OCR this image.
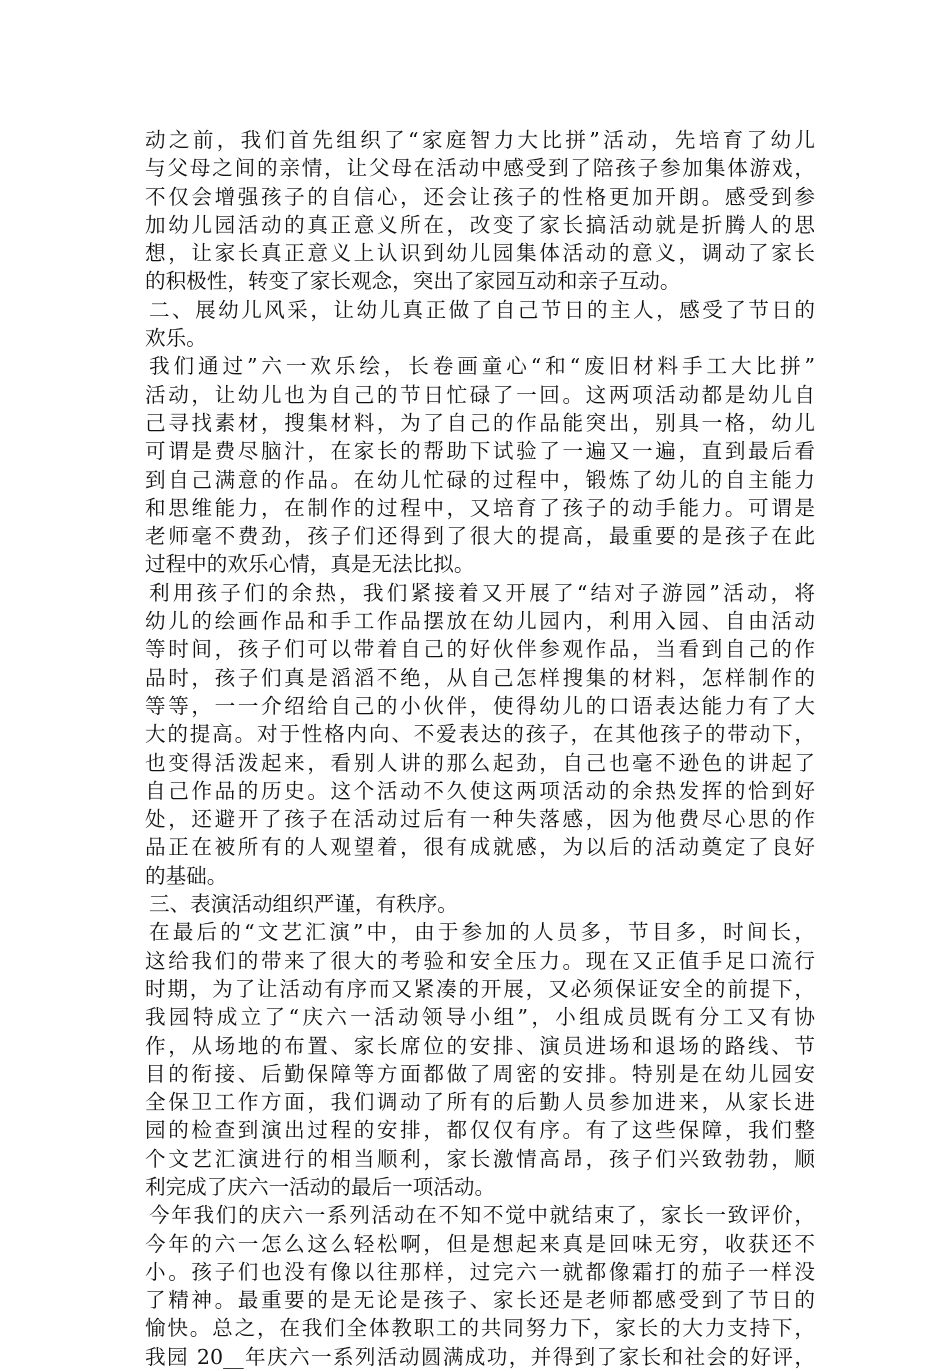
动之前，我们首先组织了“家庭智力大比拼”活动，先培育了幼儿
与父母之间的亲情，让父母在活动中感受到了陪孩子参加集体游戏，
不仅会增强孩子的自信心，还会让孩子的性格更加开朗。感受到参
加幼儿园活动的真正意义所在，改变了家长搞活动就是折腾人的思
想，让家长真正意义上认识到幼儿园集体活动的意义，调动了家长
的积极性，转变了家长观念，突出了家园互动和亲子互动。
二、展幼儿风采，让幼儿真正做了自己节日的主人，感受了节日的
欢乐。
我们通过”六一欢乐绘，长卷画童心“和“废旧材料手工大比拼”
活动，让幼儿也为自己的节日忙碌了一回。这两项活动都是幼儿自
己寻找素材，搜集材料，为了自己的作品能突出，别具一格，幼儿
可谓是费尽脑汁，在家长的帮助下试验了一遍又一遍，直到最后看
到自己满意的作品。在幼儿忙碌的过程中，锻炼了幼儿的自主能力
和思维能力，在制作的过程中，又培育了孩子的动手能力。可谓是
老师毫不费劲，孩子们还得到了很大的提高，最重要的是孩子在此
过程中的欢乐心情，真是无法比拟。
利用孩子们的余热，我们紧接着又开展了“结对子游园”活动，将
幼儿的绘画作品和手工作品摆放在幼儿园内，利用入园、自由活动
等时间，孩子们可以带着自己的好伙伴参观作品，当看到自己的作
品时，孩子们真是滔滔不绝，从自己怎样搜集的材料，怎样制作的
等等，一一介绍给自己的小伙伴，使得幼儿的口语表达能力有了大
大的提高。对于性格内向、不爱表达的孩子，在其他孩子的带动下，
也变得活泼起来，看别人讲的那么起劲，自己也毫不逊色的讲起了
自己作品的历史。这个活动不久使这两项活动的余热发挥的恰到好
处，还避开了孩子在活动过后有一种失落感，因为他费尽心思的作
品正在被所有的人观望着，很有成就感，为以后的活动奠定了良好
的基础。
三、表演活动组织严谨，有秩序。
在最后的“文艺汇演”中，由于参加的人员多，节目多，时间长，
这给我们的带来了很大的考验和安全压力。现在又正值手足口流行
时期，为了让活动有序而又紧凑的开展，又必须保证安全的前提下，
我园特成立了“庆六一活动领导小组”，小组成员既有分工又有协
作，从场地的布置、家长席位的安排、演员进场和退场的路线、节
目的衔接、后勤保障等方面都做了周密的安排。特别是在幼儿园安
全保卫工作方面，我们调动了所有的后勤人员参加进来，从家长进
园的检查到演出过程的安排，都仅仅有序。有了这些保障，我们整
个文艺汇演进行的相当顺利，家长激情高昂，孩子们兴致勃勃，顺
利完成了庆六一活动的最后一项活动。
今年我们的庆六一系列活动在不知不觉中就结束了，家长一致评价，
今年的六一怎么这么轻松啊，但是想起来真是回味无穷，收获还不
小。孩子们也没有像以往那样，过完六一就都像霜打的茄子一样没
了精神。最重要的是无论是孩子、家长还是老师都感受到了节日的
愉快。总之，在我们全体教职工的共同努力下，家长的大力支持下，
我园 20__年庆六一系列活动圆满成功，并得到了家长和社会的好评，
